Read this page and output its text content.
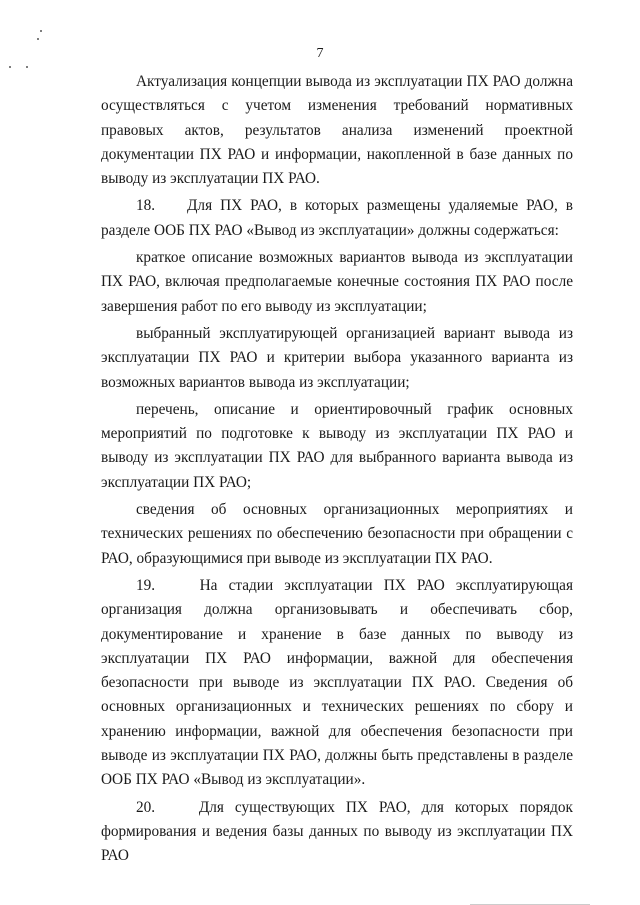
7

Актуализация концепции вывода из эксплуатации ПХ РАО должна осуществляться с учетом изменения требований нормативных правовых актов, результатов анализа изменений проектной документации ПХ РАО и информации, накопленной в базе данных по выводу из эксплуатации ПХ РАО.

18.    Для ПХ РАО, в которых размещены удаляемые РАО, в разделе ООБ ПХ РАО «Вывод из эксплуатации» должны содержаться:

краткое описание возможных вариантов вывода из эксплуатации ПХ РАО, включая предполагаемые конечные состояния ПХ РАО после завершения работ по его выводу из эксплуатации;

выбранный эксплуатирующей организацией вариант вывода из эксплуатации ПХ РАО и критерии выбора указанного варианта из возможных вариантов вывода из эксплуатации;

перечень, описание и ориентировочный график основных мероприятий по подготовке к выводу из эксплуатации ПХ РАО и выводу из эксплуатации ПХ РАО для выбранного варианта вывода из эксплуатации ПХ РАО;

сведения об основных организационных мероприятиях и технических решениях по обеспечению безопасности при обращении с РАО, образующимися при выводе из эксплуатации ПХ РАО.

19.    На стадии эксплуатации ПХ РАО эксплуатирующая организация должна организовывать и обеспечивать сбор, документирование и хранение в базе данных по выводу из эксплуатации ПХ РАО информации, важной для обеспечения безопасности при выводе из эксплуатации ПХ РАО. Сведения об основных организационных и технических решениях по сбору и хранению информации, важной для обеспечения безопасности при выводе из эксплуатации ПХ РАО, должны быть представлены в разделе ООБ ПХ РАО «Вывод из эксплуатации».

20.    Для существующих ПХ РАО, для которых порядок формирования и ведения базы данных по выводу из эксплуатации ПХ РАО
